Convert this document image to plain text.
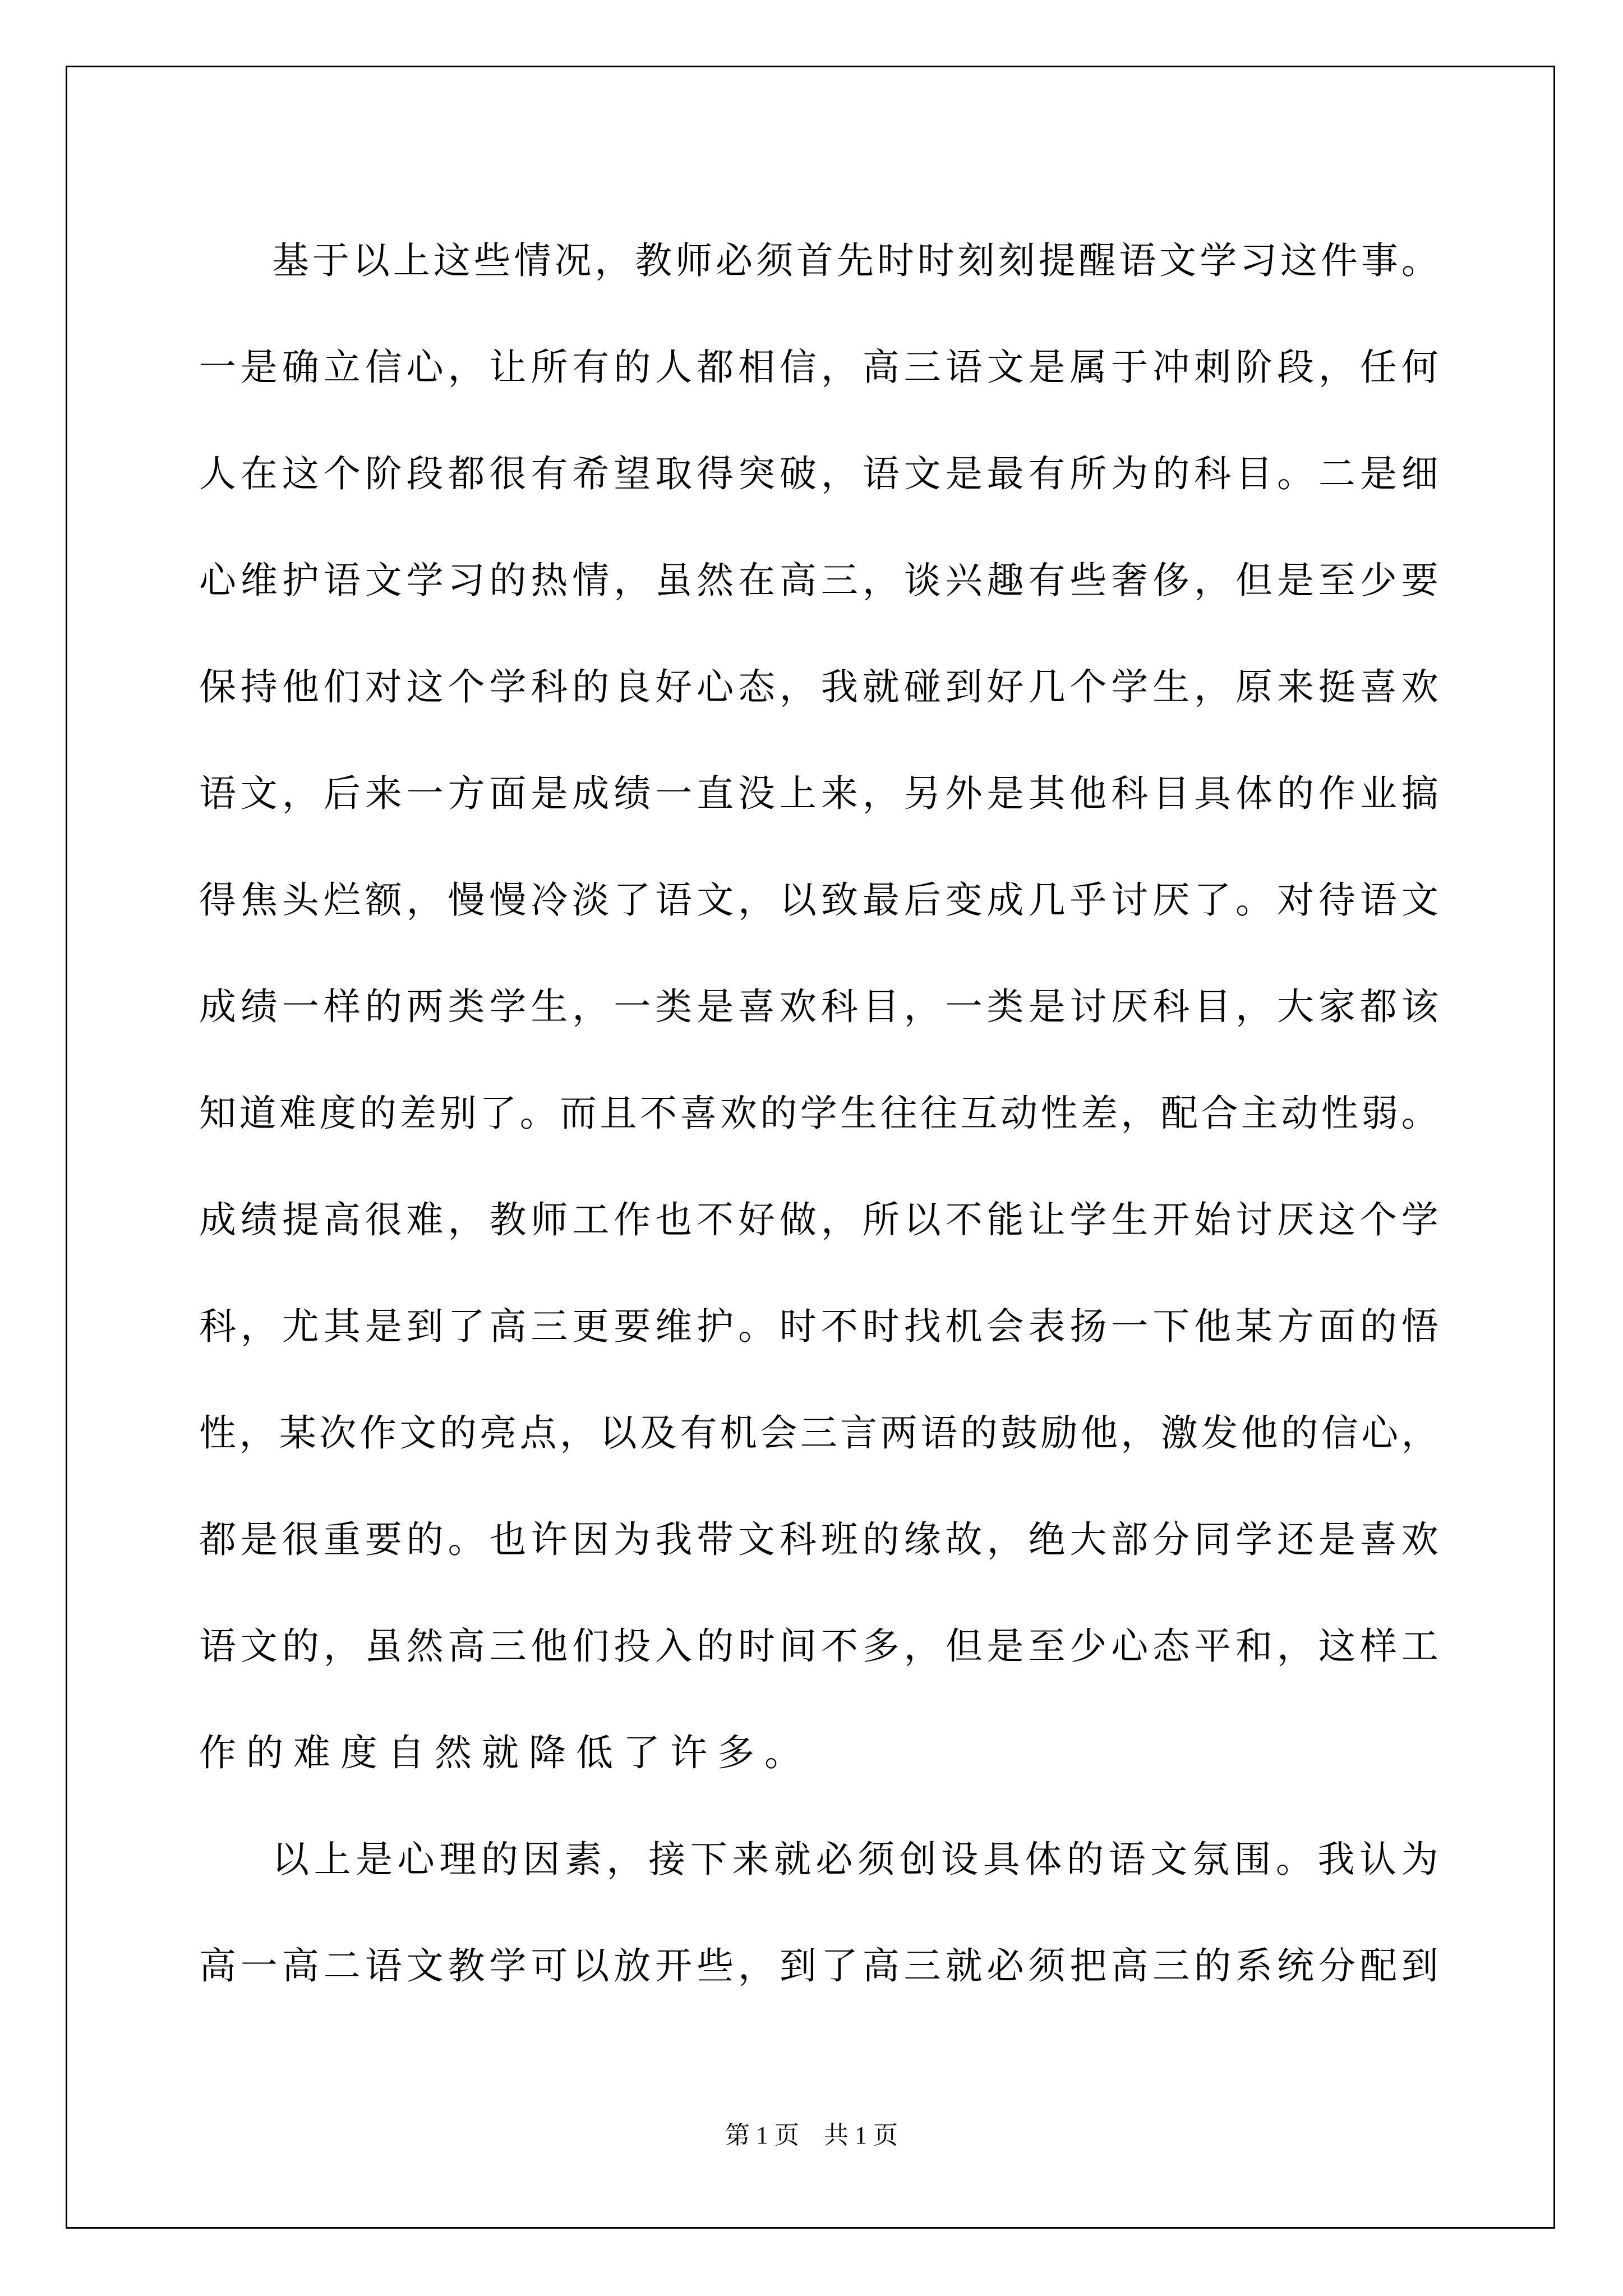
基 于 以 上 这 些 情 况 ， 教 师 必 须 首 先 时 时 刻 刻 提 醒 语 文 学 习 这 件 事 。
一 是 确 立 信 心 ， 让 所 有 的 人 都 相 信 ， 高 三 语 文 是 属 于 冲 刺 阶 段 ， 任 何
人 在 这 个 阶 段 都 很 有 希 望 取 得 突 破 ， 语 文 是 最 有 所 为 的 科 目 。 二 是 细
心 维 护 语 文 学 习 的 热 情 ， 虽 然 在 高 三 ， 谈 兴 趣 有 些 奢 侈 ， 但 是 至 少 要
保 持 他 们 对 这 个 学 科 的 良 好 心 态 ， 我 就 碰 到 好 几 个 学 生 ， 原 来 挺 喜 欢
语 文 ， 后 来 一 方 面 是 成 绩 一 直 没 上 来 ， 另 外 是 其 他 科 目 具 体 的 作 业 搞
得 焦 头 烂 额 ， 慢 慢 冷 淡 了 语 文 ， 以 致 最 后 变 成 几 乎 讨 厌 了 。 对 待 语 文
成 绩 一 样 的 两 类 学 生 ， 一 类 是 喜 欢 科 目 ， 一 类 是 讨 厌 科 目 ， 大 家 都 该
知 道 难 度 的 差 别 了 。 而 且 不 喜 欢 的 学 生 往 往 互 动 性 差 ， 配 合 主 动 性 弱 。
成 绩 提 高 很 难 ， 教 师 工 作 也 不 好 做 ， 所 以 不 能 让 学 生 开 始 讨 厌 这 个 学
科 ， 尤 其 是 到 了 高 三 更 要 维 护 。 时 不 时 找 机 会 表 扬 一 下 他 某 方 面 的 悟
性 ， 某 次 作 文 的 亮 点 ， 以 及 有 机 会 三 言 两 语 的 鼓 励 他 ， 激 发 他 的 信 心 ，
都 是 很 重 要 的 。 也 许 因 为 我 带 文 科 班 的 缘 故 ， 绝 大 部 分 同 学 还 是 喜 欢
语 文 的 ， 虽 然 高 三 他 们 投 入 的 时 间 不 多 ， 但 是 至 少 心 态 平 和 ， 这 样 工
作的难度自然就降低了许多。
以 上 是 心 理 的 因 素 ， 接 下 来 就 必 须 创 设 具 体 的 语 文 氛 围 。 我 认 为
高 一 高 二 语 文 教 学 可 以 放 开 些 ， 到 了 高 三 就 必 须 把 高 三 的 系 统 分 配 到
第 1 页　共 1 页
